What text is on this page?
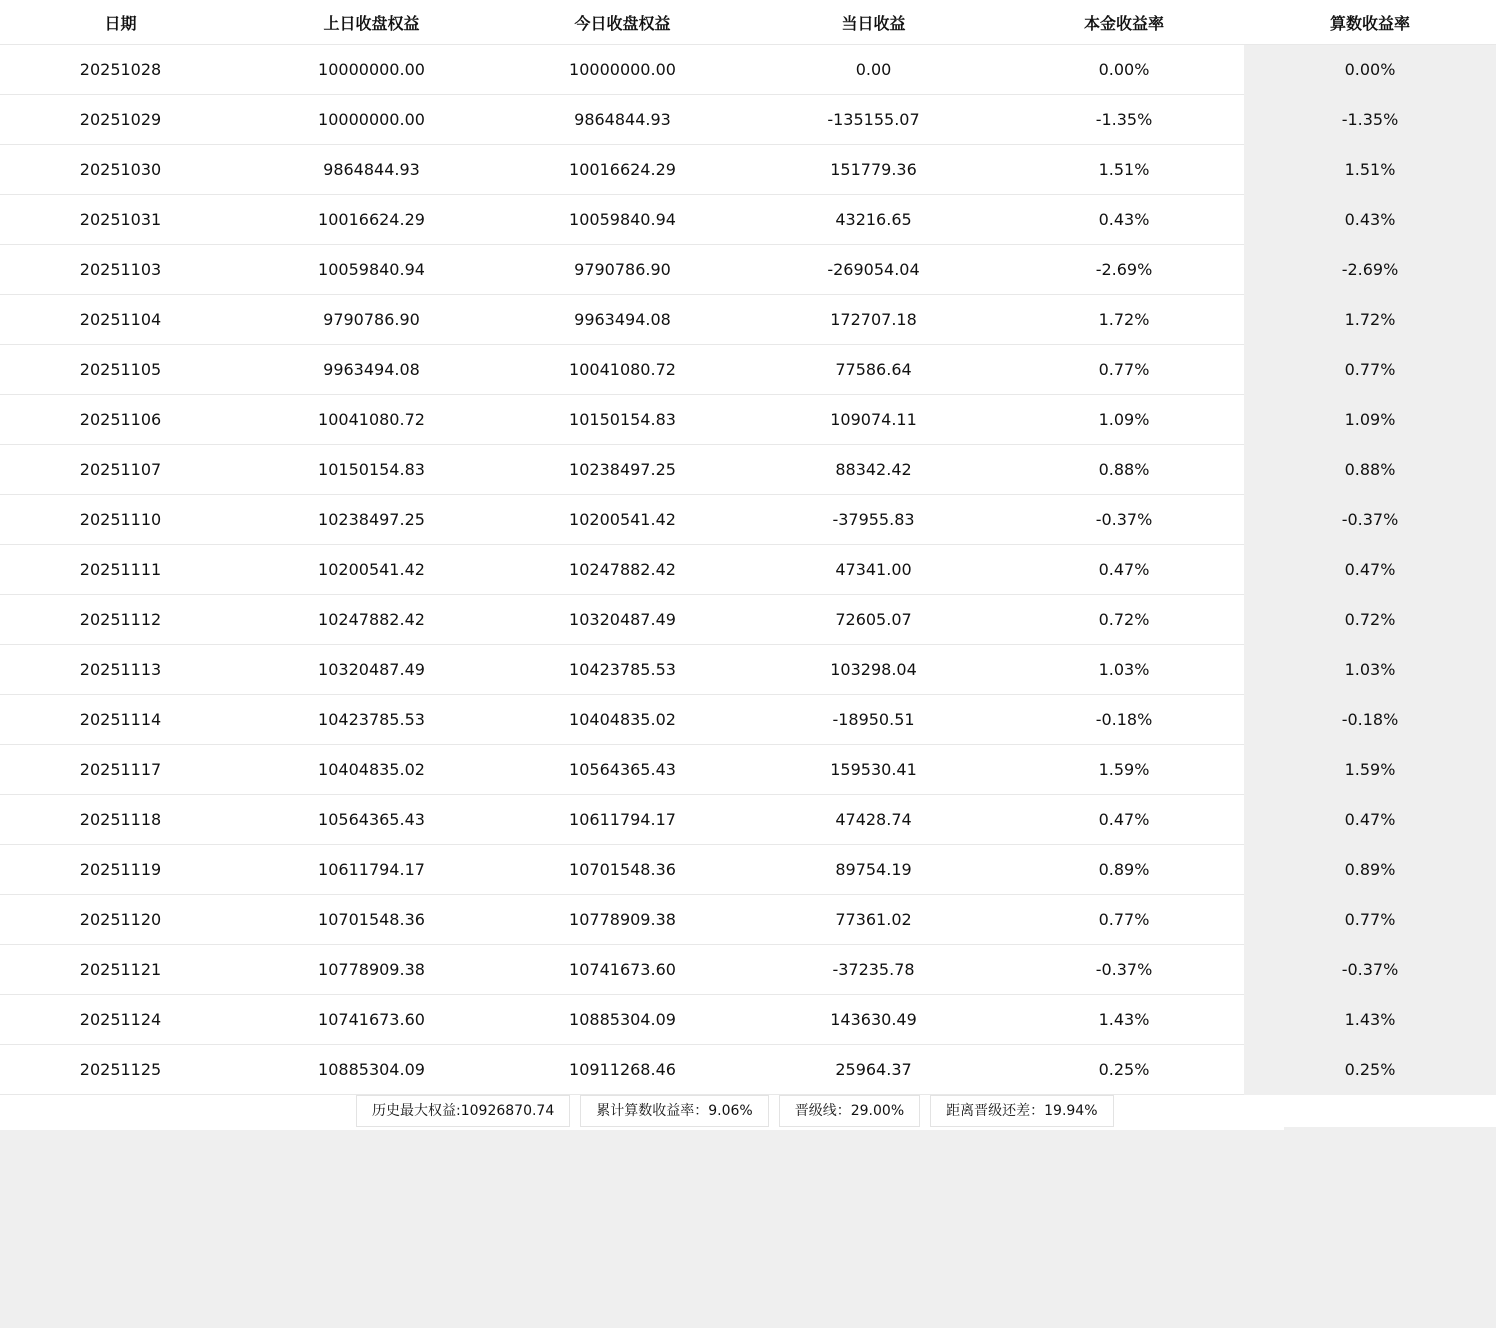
日期	上日收盘权益	今日收盘权益	当日收益	本金收益率	算数收益率
20251028	10000000.00	10000000.00	0.00	0.00%	0.00%
20251029	10000000.00	9864844.93	-135155.07	-1.35%	-1.35%
20251030	9864844.93	10016624.29	151779.36	1.51%	1.51%
20251031	10016624.29	10059840.94	43216.65	0.43%	0.43%
20251103	10059840.94	9790786.90	-269054.04	-2.69%	-2.69%
20251104	9790786.90	9963494.08	172707.18	1.72%	1.72%
20251105	9963494.08	10041080.72	77586.64	0.77%	0.77%
20251106	10041080.72	10150154.83	109074.11	1.09%	1.09%
20251107	10150154.83	10238497.25	88342.42	0.88%	0.88%
20251110	10238497.25	10200541.42	-37955.83	-0.37%	-0.37%
20251111	10200541.42	10247882.42	47341.00	0.47%	0.47%
20251112	10247882.42	10320487.49	72605.07	0.72%	0.72%
20251113	10320487.49	10423785.53	103298.04	1.03%	1.03%
20251114	10423785.53	10404835.02	-18950.51	-0.18%	-0.18%
20251117	10404835.02	10564365.43	159530.41	1.59%	1.59%
20251118	10564365.43	10611794.17	47428.74	0.47%	0.47%
20251119	10611794.17	10701548.36	89754.19	0.89%	0.89%
20251120	10701548.36	10778909.38	77361.02	0.77%	0.77%
20251121	10778909.38	10741673.60	-37235.78	-0.37%	-0.37%
20251124	10741673.60	10885304.09	143630.49	1.43%	1.43%
20251125	10885304.09	10911268.46	25964.37	0.25%	0.25%
历史最大权益:10926870.74	累计算数收益率：9.06%	晋级线：29.00%	距离晋级还差：19.94%
